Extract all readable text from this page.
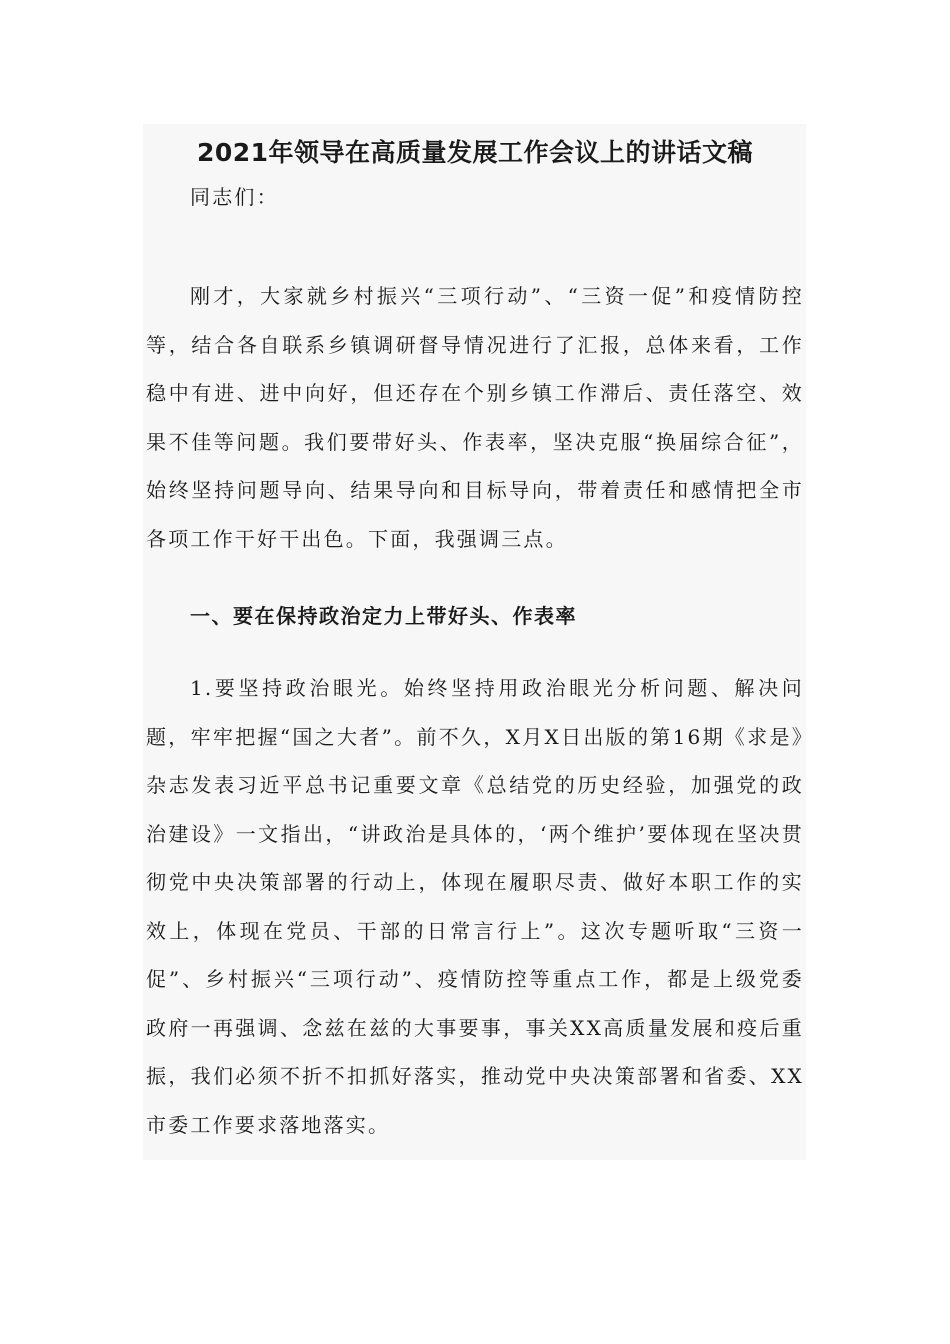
2021年领导在高质量发展工作会议上的讲话文稿

同志们：

刚才，大家就乡村振兴“三项行动”、“三资一促”和疫情防控等，结合各自联系乡镇调研督导情况进行了汇报，总体来看，工作稳中有进、进中向好，但还存在个别乡镇工作滞后、责任落空、效果不佳等问题。我们要带好头、作表率，坚决克服“换届综合征”，始终坚持问题导向、结果导向和目标导向，带着责任和感情把全市各项工作干好干出色。下面，我强调三点。

一、要在保持政治定力上带好头、作表率

1.要坚持政治眼光。始终坚持用政治眼光分析问题、解决问题，牢牢把握“国之大者”。前不久，X月X日出版的第16期《求是》杂志发表习近平总书记重要文章《总结党的历史经验，加强党的政治建设》一文指出，“讲政治是具体的，‘两个维护’要体现在坚决贯彻党中央决策部署的行动上，体现在履职尽责、做好本职工作的实效上，体现在党员、干部的日常言行上”。这次专题听取“三资一促”、乡村振兴“三项行动”、疫情防控等重点工作，都是上级党委政府一再强调、念兹在兹的大事要事，事关XX高质量发展和疫后重振，我们必须不折不扣抓好落实，推动党中央决策部署和省委、XX市委工作要求落地落实。
